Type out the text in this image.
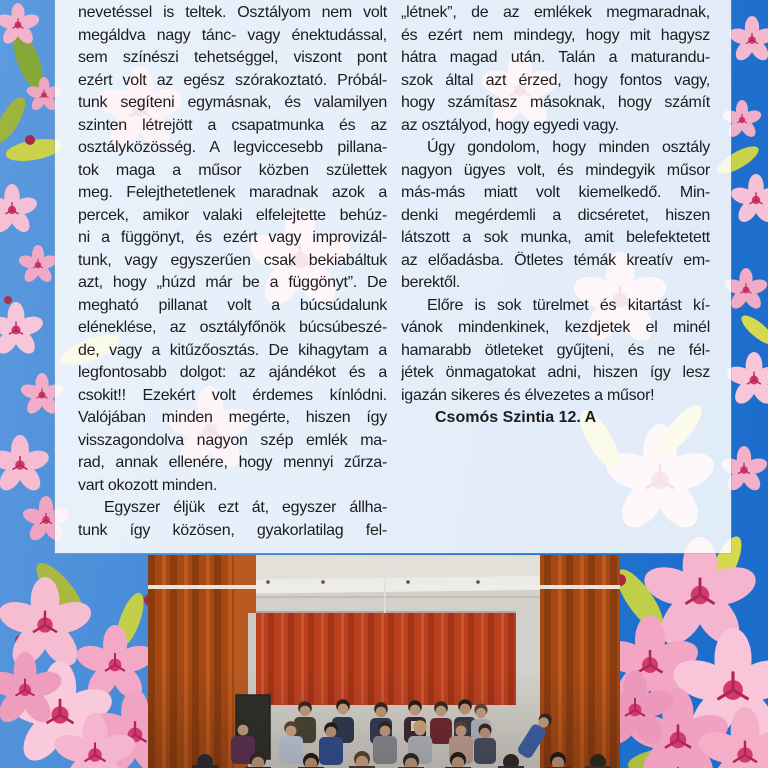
nevetéssel is teltek. Osztályom nem volt
megáldva nagy tánc- vagy énektudással,
sem színészi tehetséggel, viszont pont
ezért volt az egész szórakoztató. Próbál-
tunk segíteni egymásnak, és valamilyen
szinten létrejött a csapatmunka és az
osztályközösség. A legviccesebb pillana-
tok maga a műsor közben születtek
meg. Felejthetetlenek maradnak azok a
percek, amikor valaki elfelejtette behúz-
ni a függönyt, és ezért vagy improvizál-
tunk, vagy egyszerűen csak bekiabáltuk
azt, hogy „húzd már be a függönyt”. De
megható pillanat volt a búcsúdalunk
eléneklése, az osztályfőnök búcsúbeszé-
de, vagy a kitűzőosztás. De kihagytam a
legfontosabb dolgot: az ajándékot és a
csokit!! Ezekért volt érdemes kínlódni.
Valójában minden megérte, hiszen így
visszagondolva nagyon szép emlék ma-
rad, annak ellenére, hogy mennyi zűrza-
vart okozott minden.
Egyszer éljük ezt át, egyszer állha-
tunk így közösen, gyakorlatilag fel-
„létnek”, de az emlékek megmaradnak,
és ezért nem mindegy, hogy mit hagysz
hátra magad után. Talán a maturandu-
szok által azt érzed, hogy fontos vagy,
hogy számítasz másoknak, hogy számít
az osztályod, hogy egyedi vagy.
Úgy gondolom, hogy minden osztály
nagyon ügyes volt, és mindegyik műsor
más-más miatt volt kiemelkedő. Min-
denki megérdemli a dicséretet, hiszen
látszott a sok munka, amit belefektetett
az előadásba. Ötletes témák kreatív em-
berektől.
Előre is sok türelmet és kitartást kí-
vánok mindenkinek, kezdjetek el minél
hamarabb ötleteket gyűjteni, és ne fél-
jétek önmagatokat adni, hiszen így lesz
igazán sikeres és élvezetes a műsor!
Csomós Szintia 12. A
